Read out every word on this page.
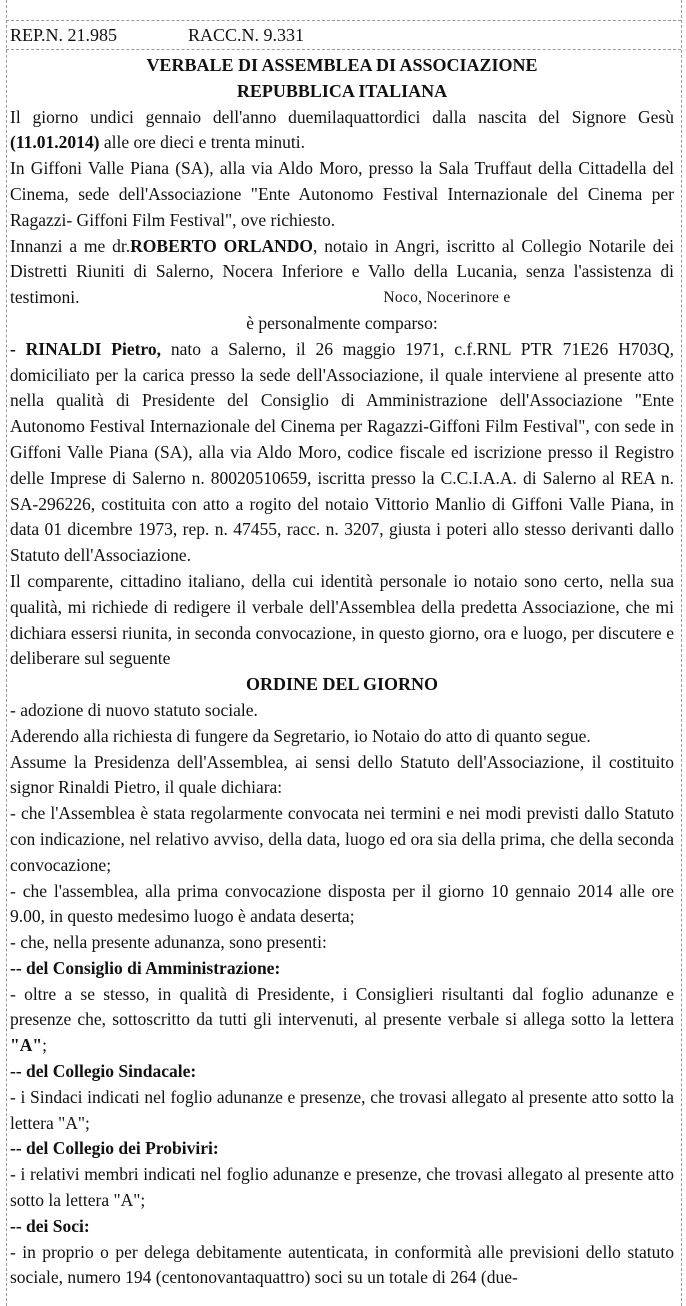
REP.N. 21.985	RACC.N. 9.331
VERBALE DI ASSEMBLEA DI ASSOCIAZIONE
REPUBBLICA ITALIANA
Il giorno undici gennaio dell'anno duemilaquattordici dalla nascita del Signore Gesù (11.01.2014) alle ore dieci e trenta minuti.
In Giffoni Valle Piana (SA), alla via Aldo Moro, presso la Sala Truffaut della Cittadella del Cinema, sede dell'Associazione "Ente Autonomo Festival Internazionale del Cinema per Ragazzi- Giffoni Film Festival", ove richiesto.
Innanzi a me dr.ROBERTO ORLANDO, notaio in Angri, iscritto al Collegio Notarile dei Distretti Riuniti di Salerno, Nocera Inferiore e Vallo della Lucania, senza l'assistenza di testimoni.	Noco, Nocerinore e
è personalmente comparso:
- RINALDI Pietro, nato a Salerno, il 26 maggio 1971, c.f.RNL PTR 71E26 H703Q, domiciliato per la carica presso la sede dell'Associazione, il quale interviene al presente atto nella qualità di Presidente del Consiglio di Amministrazione dell'Associazione "Ente Autonomo Festival Internazionale del Cinema per Ragazzi-Giffoni Film Festival", con sede in Giffoni Valle Piana (SA), alla via Aldo Moro, codice fiscale ed iscrizione presso il Registro delle Imprese di Salerno n. 80020510659, iscritta presso la C.C.I.A.A. di Salerno al REA n. SA-296226, costituita con atto a rogito del notaio Vittorio Manlio di Giffoni Valle Piana, in data 01 dicembre 1973, rep. n. 47455, racc. n. 3207, giusta i poteri allo stesso derivanti dallo Statuto dell'Associazione.
Il comparente, cittadino italiano, della cui identità personale io notaio sono certo, nella sua qualità, mi richiede di redigere il verbale dell'Assemblea della predetta Associazione, che mi dichiara essersi riunita, in seconda convocazione, in questo giorno, ora e luogo, per discutere e deliberare sul seguente
ORDINE DEL GIORNO
- adozione di nuovo statuto sociale.
Aderendo alla richiesta di fungere da Segretario, io Notaio do atto di quanto segue.
Assume la Presidenza dell'Assemblea, ai sensi dello Statuto dell'Associazione, il costituito signor Rinaldi Pietro, il quale dichiara:
- che l'Assemblea è stata regolarmente convocata nei termini e nei modi previsti dallo Statuto con indicazione, nel relativo avviso, della data, luogo ed ora sia della prima, che della seconda convocazione;
- che l'assemblea, alla prima convocazione disposta per il giorno 10 gennaio 2014 alle ore 9.00, in questo medesimo luogo è andata deserta;
- che, nella presente adunanza, sono presenti:
-- del Consiglio di Amministrazione:
- oltre a se stesso, in qualità di Presidente, i Consiglieri risultanti dal foglio adunanze e presenze che, sottoscritto da tutti gli intervenuti, al presente verbale si allega sotto la lettera "A";
-- del Collegio Sindacale:
- i Sindaci indicati nel foglio adunanze e presenze, che trovasi allegato al presente atto sotto la lettera "A";
-- del Collegio dei Probiviri:
- i relativi membri indicati nel foglio adunanze e presenze, che trovasi allegato al presente atto sotto la lettera "A";
-- dei Soci:
- in proprio o per delega debitamente autenticata, in conformità alle previsioni dello statuto sociale, numero 194 (centonovantaquattro) soci su un totale di 264 (due-
